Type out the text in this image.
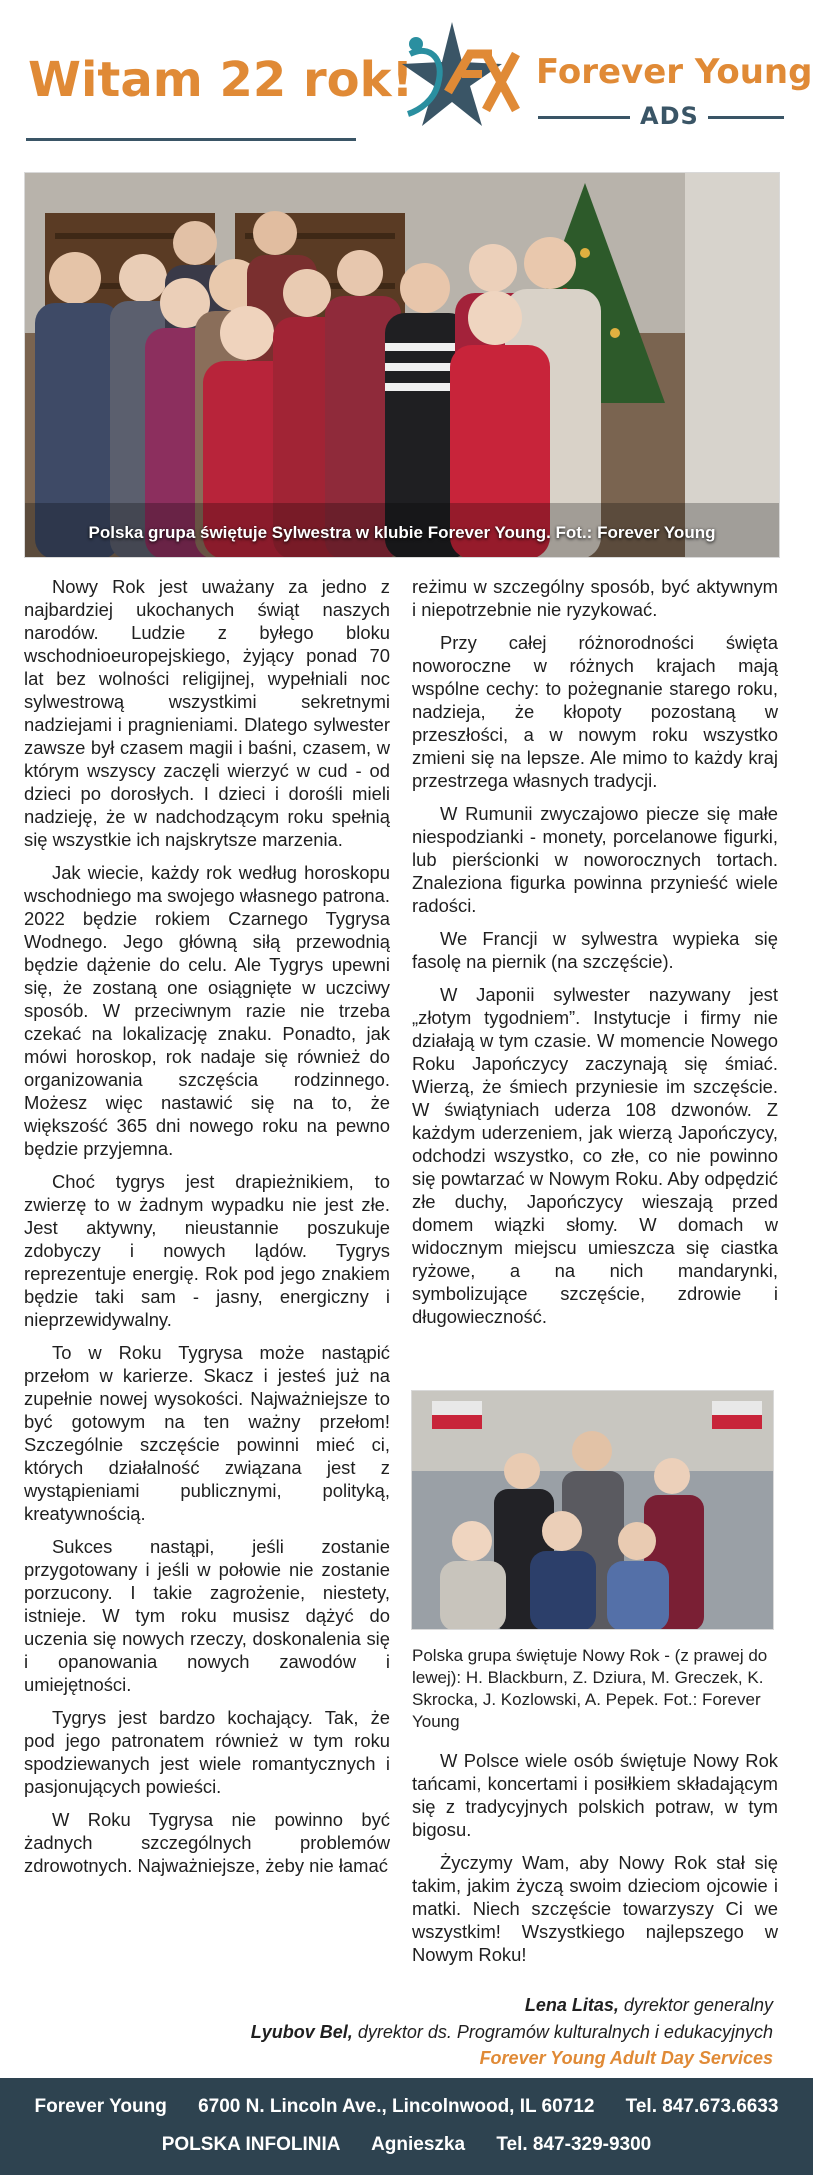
Witam 22 rok!	Forever Young
ADS
Polska grupa świętuje Sylwestra w klubie Forever Young. Fot.: Forever Young

Nowy Rok jest uważany za jedno z najbardziej ukochanych świąt naszych narodów. Ludzie z byłego bloku wschodnioeuropejskiego, żyjący ponad 70 lat bez wolności religijnej, wypełniali noc sylwestrową wszystkimi sekretnymi nadziejami i pragnieniami. Dlatego sylwester zawsze był czasem magii i baśni, czasem, w którym wszyscy zaczęli wierzyć w cud - od dzieci po dorosłych. I dzieci i dorośli mieli nadzieję, że w nadchodzącym roku spełnią się wszystkie ich najskrytsze marzenia.

Jak wiecie, każdy rok według horoskopu wschodniego ma swojego własnego patrona. 2022 będzie rokiem Czarnego Tygrysa Wodnego. Jego główną siłą przewodnią będzie dążenie do celu. Ale Tygrys upewni się, że zostaną one osiągnięte w uczciwy sposób. W przeciwnym razie nie trzeba czekać na lokalizację znaku. Ponadto, jak mówi horoskop, rok nadaje się również do organizowania szczęścia rodzinnego. Możesz więc nastawić się na to, że większość 365 dni nowego roku na pewno będzie przyjemna.

Choć tygrys jest drapieżnikiem, to zwierzę to w żadnym wypadku nie jest złe. Jest aktywny, nieustannie poszukuje zdobyczy i nowych lądów. Tygrys reprezentuje energię. Rok pod jego znakiem będzie taki sam - jasny, energiczny i nieprzewidywalny.

To w Roku Tygrysa może nastąpić przełom w karierze. Skacz i jesteś już na zupełnie nowej wysokości. Najważniejsze to być gotowym na ten ważny przełom! Szczególnie szczęście powinni mieć ci, których działalność związana jest z wystąpieniami publicznymi, polityką, kreatywnością.

Sukces nastąpi, jeśli zostanie przygotowany i jeśli w połowie nie zostanie porzucony. I takie zagrożenie, niestety, istnieje. W tym roku musisz dążyć do uczenia się nowych rzeczy, doskonalenia się i opanowania nowych zawodów i umiejętności.

Tygrys jest bardzo kochający. Tak, że pod jego patronatem również w tym roku spodziewanych jest wiele romantycznych i pasjonujących powieści.

W Roku Tygrysa nie powinno być żadnych szczególnych problemów zdrowotnych. Najważniejsze, żeby nie łamać

reżimu w szczególny sposób, być aktywnym i niepotrzebnie nie ryzykować.

Przy całej różnorodności święta noworoczne w różnych krajach mają wspólne cechy: to pożegnanie starego roku, nadzieja, że kłopoty pozostaną w przeszłości, a w nowym roku wszystko zmieni się na lepsze. Ale mimo to każdy kraj przestrzega własnych tradycji.

W Rumunii zwyczajowo piecze się małe niespodzianki - monety, porcelanowe figurki, lub pierścionki w noworocznych tortach. Znaleziona figurka powinna przynieść wiele radości.

We Francji w sylwestra wypieka się fasolę na piernik (na szczęście).

W Japonii sylwester nazywany jest „złotym tygodniem”. Instytucje i firmy nie działają w tym czasie. W momencie Nowego Roku Japończycy zaczynają się śmiać. Wierzą, że śmiech przyniesie im szczęście. W świątyniach uderza 108 dzwonów. Z każdym uderzeniem, jak wierzą Japończycy, odchodzi wszystko, co złe, co nie powinno się powtarzać w Nowym Roku. Aby odpędzić złe duchy, Japończycy wieszają przed domem wiązki słomy. W domach w widocznym miejscu umieszcza się ciastka ryżowe, a na nich mandarynki, symbolizujące szczęście, zdrowie i długowieczność.

Polska grupa świętuje Nowy Rok - (z prawej do lewej): H. Blackburn, Z. Dziura, M. Greczek, K. Skrocka, J. Kozlowski, A. Pepek. Fot.: Forever Young

W Polsce wiele osób świętuje Nowy Rok tańcami, koncertami i posiłkiem składającym się z tradycyjnych polskich potraw, w tym bigosu.

Życzymy Wam, aby Nowy Rok stał się takim, jakim życzą swoim dzieciom ojcowie i matki. Niech szczęście towarzyszy Ci we wszystkim! Wszystkiego najlepszego w Nowym Roku!

Lena Litas, dyrektor generalny
Lyubov Bel, dyrektor ds. Programów kulturalnych i edukacyjnych
Forever Young Adult Day Services
Forever Young 6700 N. Lincoln Ave., Lincolnwood, IL 60712 Tel. 847.673.6633
POLSKA INFOLINIA Agnieszka Tel. 847-329-9300
